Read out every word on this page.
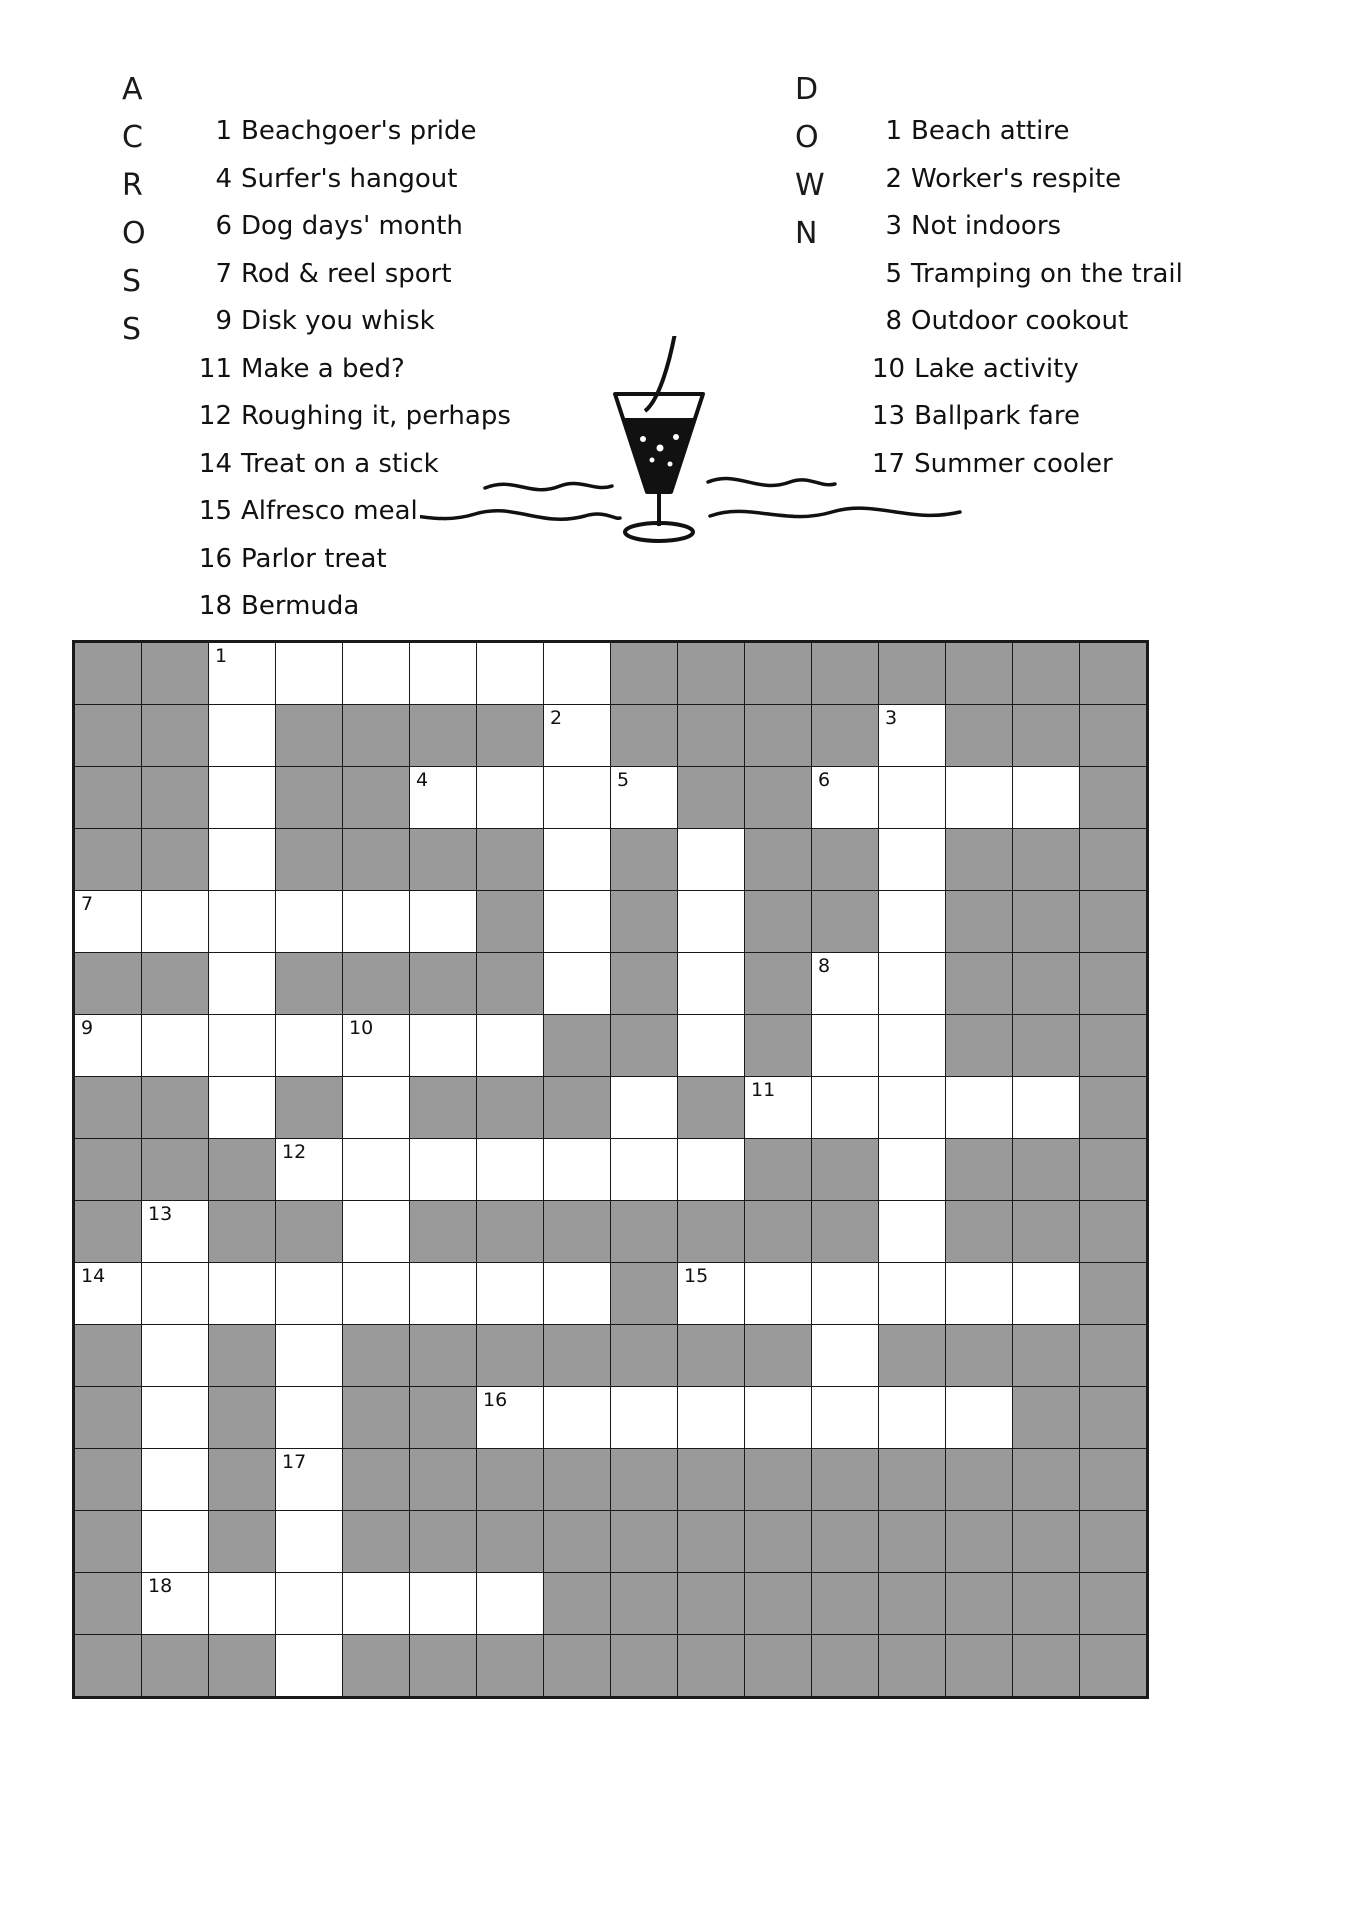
A
C
R
O
S
S
1 Beachgoer's pride
4 Surfer's hangout
6 Dog days' month
7 Rod & reel sport
9 Disk you whisk
11 Make a bed?
12 Roughing it, perhaps
14 Treat on a stick
15 Alfresco meal
16 Parlor treat
18 Bermuda
D
O
W
N
1 Beach attire
2 Worker's respite
3 Not indoors
5 Tramping on the trail
8 Outdoor cookout
10 Lake activity
13 Ballpark fare
17 Summer cooler

		1													

							2					3			

					4			5			6				

7															

											8				

9				10											

										11					

			12												

	13														

14									15						

						16									

			17												

	18														
